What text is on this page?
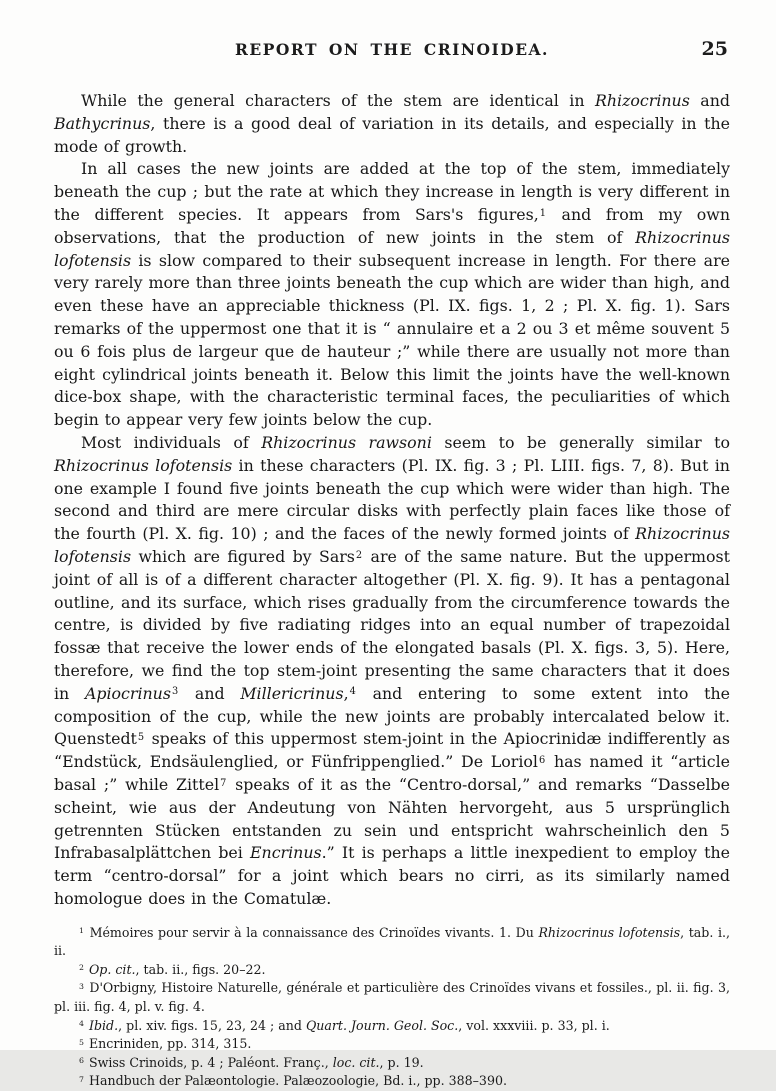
REPORT ON THE CRINOIDEA.	25

While the general characters of the stem are identical in Rhizocrinus and Bathycrinus, there is a good deal of variation in its details, and especially in the mode of growth.

In all cases the new joints are added at the top of the stem, immediately beneath the cup ; but the rate at which they increase in length is very different in the different species. It appears from Sars's figures,$^1$ and from my own observations, that the production of new joints in the stem of Rhizocrinus lofotensis is slow compared to their subsequent increase in length. For there are very rarely more than three joints beneath the cup which are wider than high, and even these have an appreciable thickness (Pl. IX. figs. 1, 2 ; Pl. X. fig. 1). Sars remarks of the uppermost one that it is “ annulaire et a 2 ou 3 et même souvent 5 ou 6 fois plus de largeur que de hauteur ;” while there are usually not more than eight cylindrical joints beneath it. Below this limit the joints have the well-known dice-box shape, with the characteristic terminal faces, the peculiarities of which begin to appear very few joints below the cup.

Most individuals of Rhizocrinus rawsoni seem to be generally similar to Rhizocrinus lofotensis in these characters (Pl. IX. fig. 3 ; Pl. LIII. figs. 7, 8). But in one example I found five joints beneath the cup which were wider than high. The second and third are mere circular disks with perfectly plain faces like those of the fourth (Pl. X. fig. 10) ; and the faces of the newly formed joints of Rhizocrinus lofotensis which are figured by Sars$^2$ are of the same nature. But the uppermost joint of all is of a different character altogether (Pl. X. fig. 9). It has a pentagonal outline, and its surface, which rises gradually from the circumference towards the centre, is divided by five radiating ridges into an equal number of trapezoidal fossæ that receive the lower ends of the elongated basals (Pl. X. figs. 3, 5). Here, therefore, we find the top stem-joint presenting the same characters that it does in Apiocrinus$^3$ and Millericrinus,$^4$ and entering to some extent into the composition of the cup, while the new joints are probably intercalated below it. Quenstedt$^5$ speaks of this uppermost stem-joint in the Apiocrinidæ indifferently as “Endstück, Endsäulenglied, or Fünfrippenglied.” De Loriol$^6$ has named it “article basal ;” while Zittel$^7$ speaks of it as the “Centro-dorsal,” and remarks “Dasselbe scheint, wie aus der Andeutung von Nähten hervorgeht, aus 5 ursprünglich getrennten Stücken entstanden zu sein und entspricht wahrscheinlich den 5 Infrabasalplättchen bei Encrinus.” It is perhaps a little inexpedient to employ the term “centro-dorsal” for a joint which bears no cirri, as its similarly named homologue does in the Comatulæ.

$^1$ Mémoires pour servir à la connaissance des Crinoïdes vivants. 1. Du Rhizocrinus lofotensis, tab. i., ii.

$^2$ Op. cit., tab. ii., figs. 20–22.

$^3$ D'Orbigny, Histoire Naturelle, générale et particulière des Crinoïdes vivans et fossiles., pl. ii. fig. 3, pl. iii. fig. 4, pl. v. fig. 4.

$^4$ Ibid., pl. xiv. figs. 15, 23, 24 ; and Quart. Journ. Geol. Soc., vol. xxxviii. p. 33, pl. i.

$^5$ Encriniden, pp. 314, 315.

$^6$ Swiss Crinoids, p. 4 ; Paléont. Franç., loc. cit., p. 19.

$^7$ Handbuch der Palæontologie. Palæozoologie, Bd. i., pp. 388–390.
